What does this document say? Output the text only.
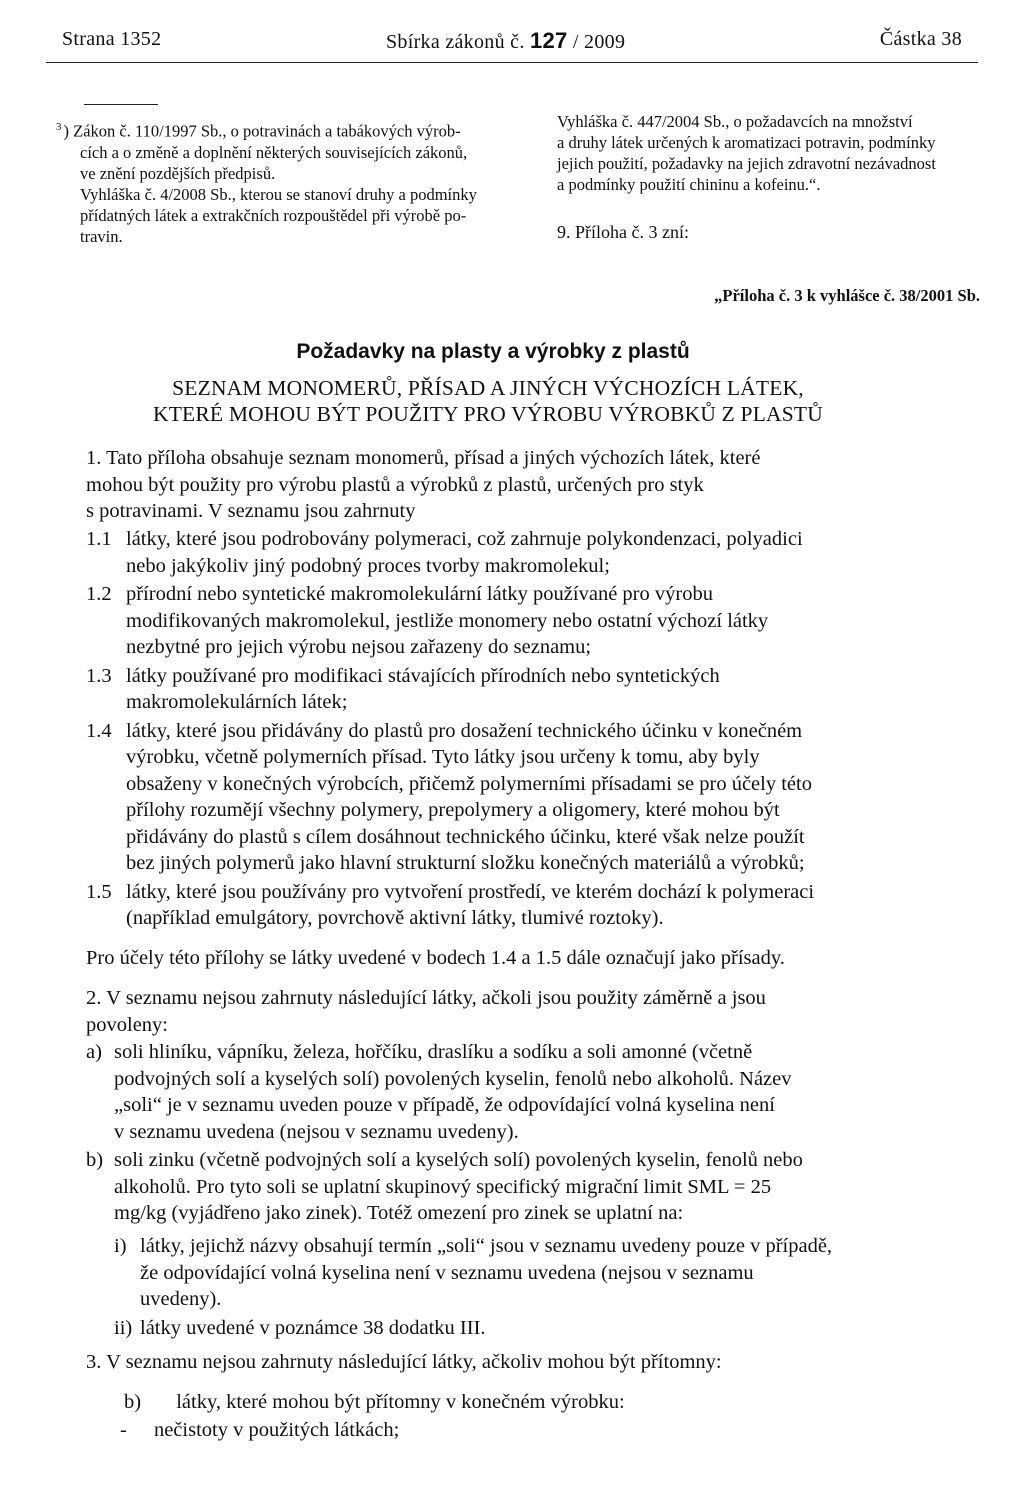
Strana 1352	Sbírka zákonů č. 127 / 2009	Částka 38

$^3$ ) Zákon č. 110/1997 Sb., o potravinách a tabákových výrob-

cích a o změně a doplnění některých souvisejících zákonů,

ve znění pozdějších předpisů.

Vyhláška č. 4/2008 Sb., kterou se stanoví druhy a podmínky

přídatných látek a extrakčních rozpouštědel při výrobě po-

travin.

Vyhláška č. 447/2004 Sb., o požadavcích na množství

a druhy látek určených k aromatizaci potravin, podmínky

jejich použití, požadavky na jejich zdravotní nezávadnost

a podmínky použití chininu a kofeinu.“.

9. Příloha č. 3 zní:
„Příloha č. 3 k vyhlášce č. 38/2001 Sb.
Požadavky na plasty a výrobky z plastů
SEZNAM MONOMERŮ, PŘÍSAD A JINÝCH VÝCHOZÍCH LÁTEK,
KTERÉ MOHOU BÝT POUŽITY PRO VÝROBU VÝROBKŮ Z PLASTŮ

1. Tato příloha obsahuje seznam monomerů, přísad a jiných výchozích látek, které

mohou být použity pro výrobu plastů a výrobků z plastů, určených pro styk

s potravinami. V seznamu jsou zahrnuty

1.1 látky, které jsou podrobovány polymeraci, což zahrnuje polykondenzaci, polyadici

nebo jakýkoliv jiný podobný proces tvorby makromolekul;

1.2 přírodní nebo syntetické makromolekulární látky používané pro výrobu

modifikovaných makromolekul, jestliže monomery nebo ostatní výchozí látky

nezbytné pro jejich výrobu nejsou zařazeny do seznamu;

1.3 látky používané pro modifikaci stávajících přírodních nebo syntetických

makromolekulárních látek;

1.4 látky, které jsou přidávány do plastů pro dosažení technického účinku v konečném

výrobku, včetně polymerních přísad. Tyto látky jsou určeny k tomu, aby byly

obsaženy v konečných výrobcích, přičemž polymerními přísadami se pro účely této

přílohy rozumějí všechny polymery, prepolymery a oligomery, které mohou být

přidávány do plastů s cílem dosáhnout technického účinku, které však nelze použít

bez jiných polymerů jako hlavní strukturní složku konečných materiálů a výrobků;

1.5 látky, které jsou používány pro vytvoření prostředí, ve kterém dochází k polymeraci

(například emulgátory, povrchově aktivní látky, tlumivé roztoky).

Pro účely této přílohy se látky uvedené v bodech 1.4 a 1.5 dále označují jako přísady.

2. V seznamu nejsou zahrnuty následující látky, ačkoli jsou použity záměrně a jsou

povoleny:

a) soli hliníku, vápníku, železa, hořčíku, draslíku a sodíku a soli amonné (včetně

podvojných solí a kyselých solí) povolených kyselin, fenolů nebo alkoholů. Název

„soli“ je v seznamu uveden pouze v případě, že odpovídající volná kyselina není

v seznamu uvedena (nejsou v seznamu uvedeny).

b) soli zinku (včetně podvojných solí a kyselých solí) povolených kyselin, fenolů nebo

alkoholů. Pro tyto soli se uplatní skupinový specifický migrační limit SML = 25

mg/kg (vyjádřeno jako zinek). Totéž omezení pro zinek se uplatní na:

i) látky, jejichž názvy obsahují termín „soli“ jsou v seznamu uvedeny pouze v případě,

že odpovídající volná kyselina není v seznamu uvedena (nejsou v seznamu

uvedeny).

ii) látky uvedené v poznámce 38 dodatku III.

3. V seznamu nejsou zahrnuty následující látky, ačkoliv mohou být přítomny:
b) látky, které mohou být přítomny v konečném výrobku:
- nečistoty v použitých látkách;
